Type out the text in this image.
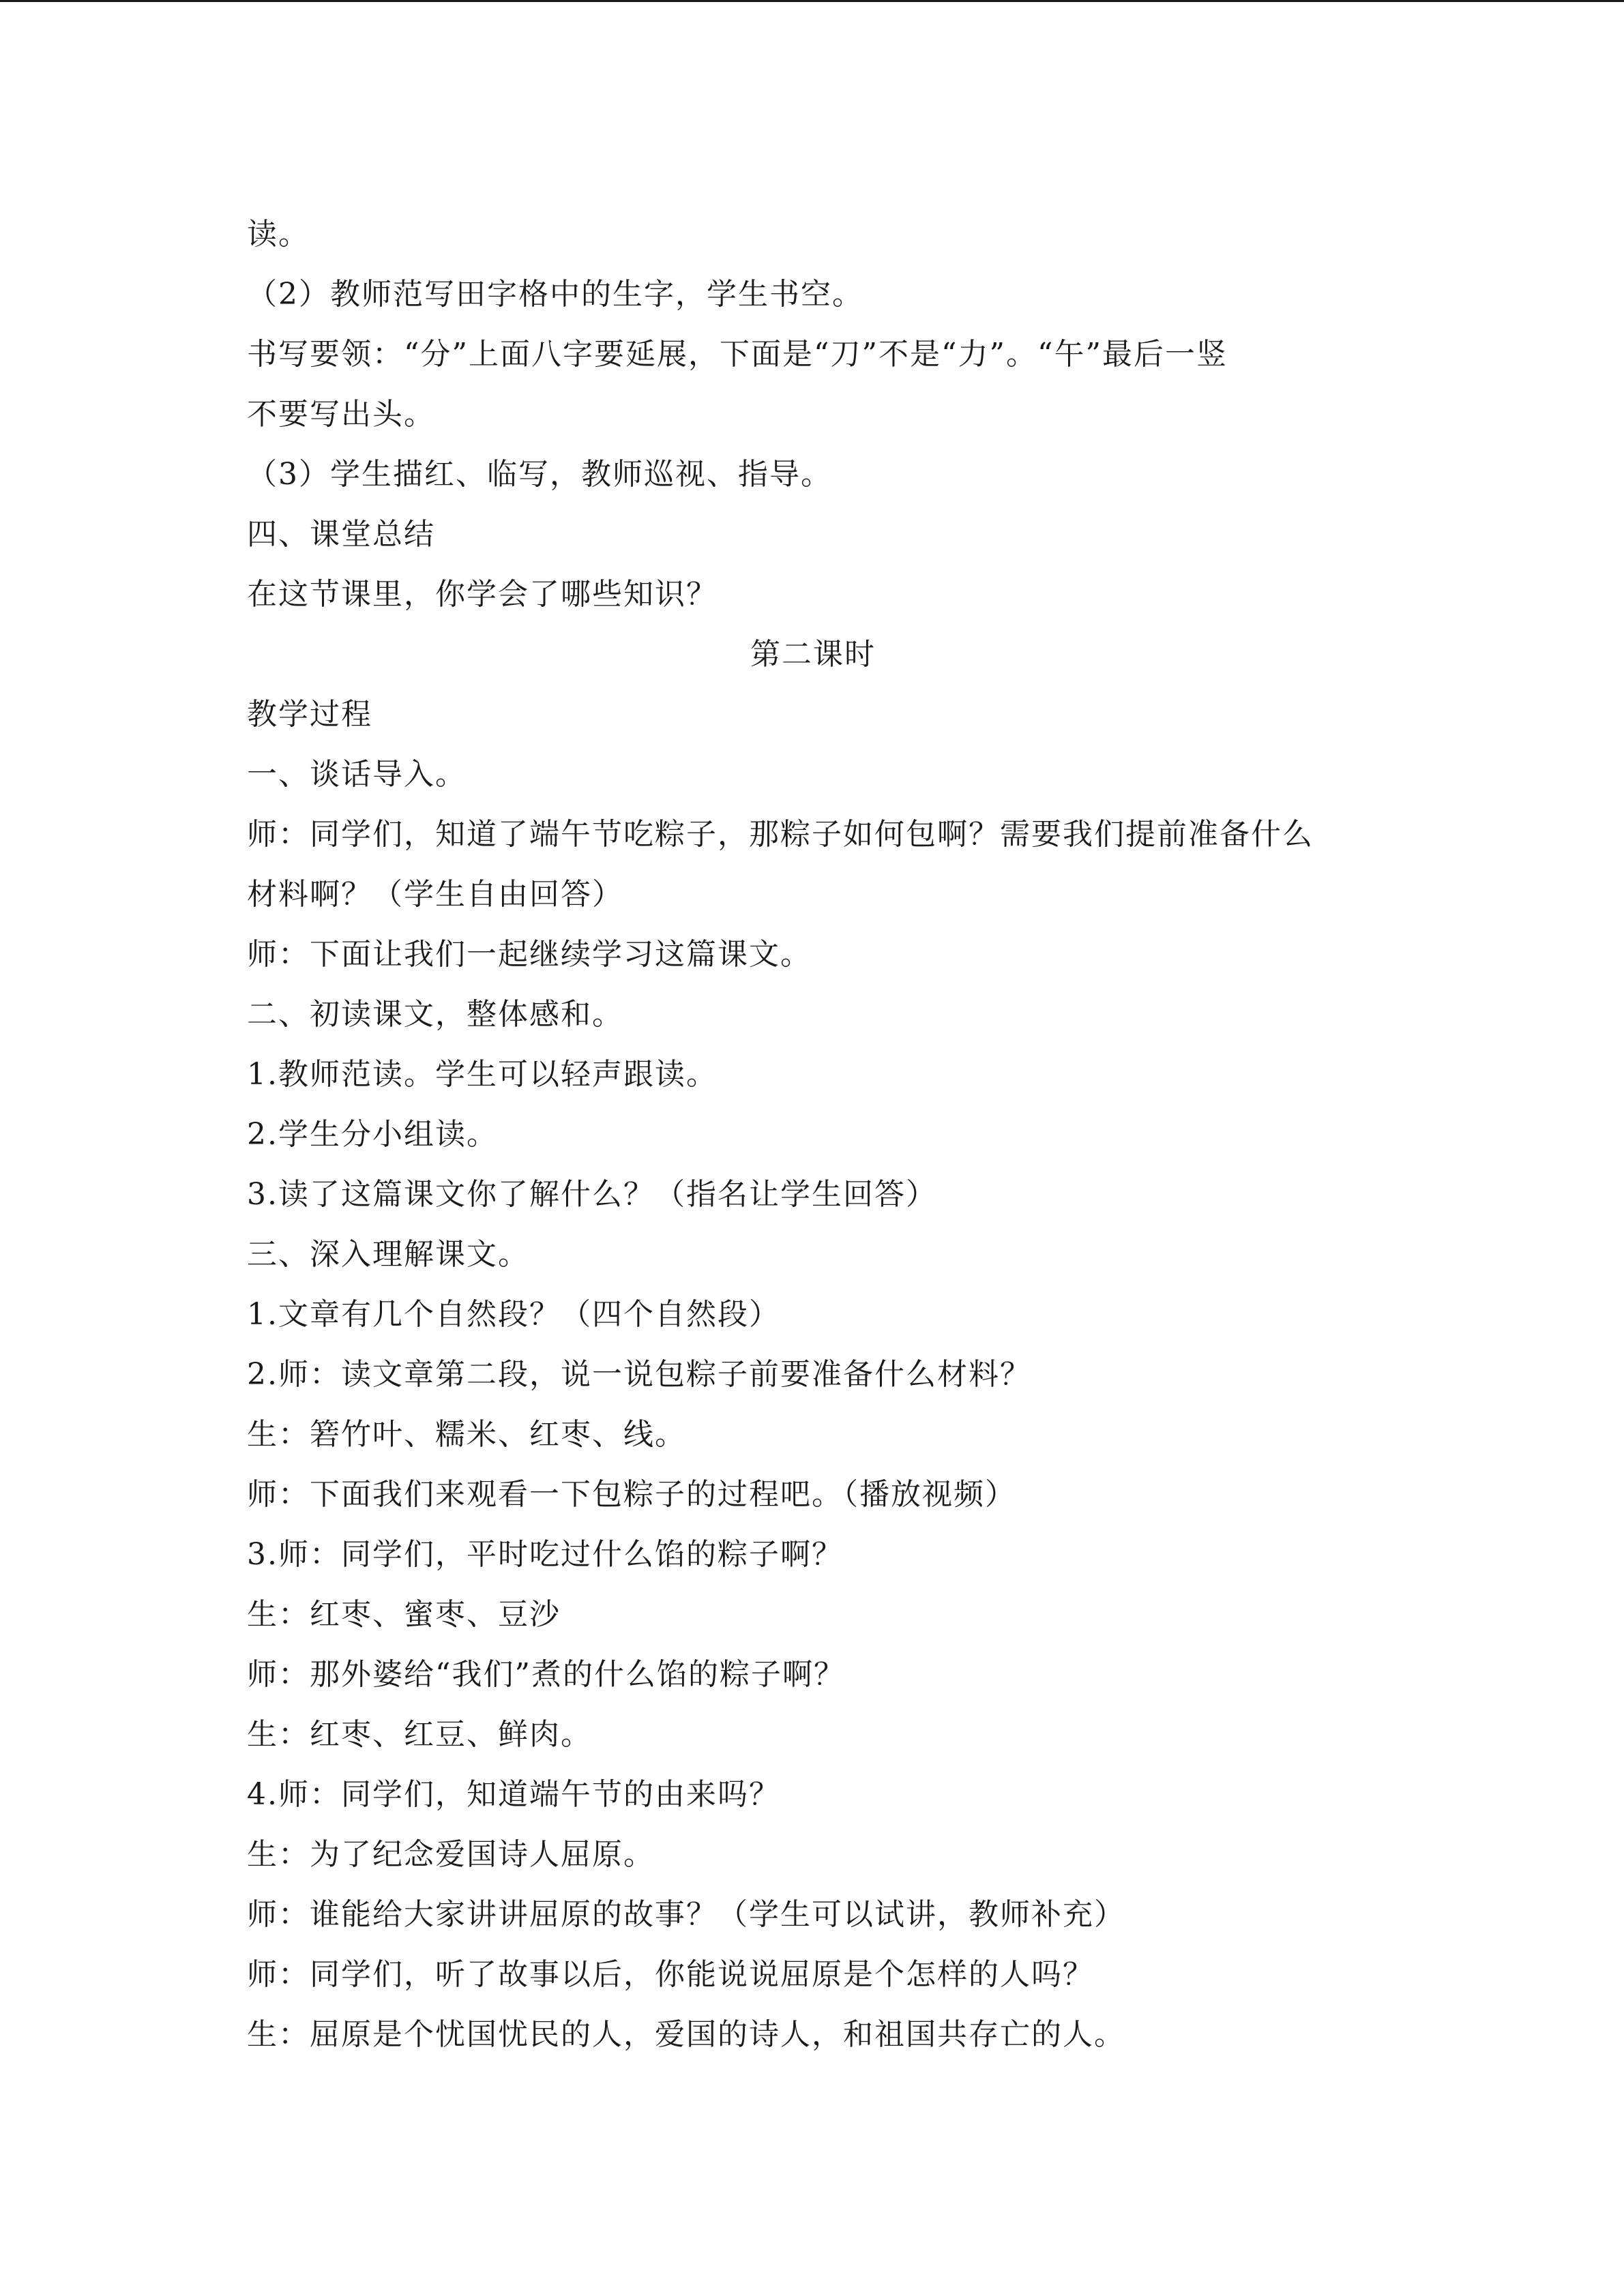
读。
（2）教师范写田字格中的生字，学生书空。
书写要领：“分”上面八字要延展，下面是“刀”不是“力”。“午”最后一竖
不要写出头。
（3）学生描红、临写，教师巡视、指导。
四、课堂总结
在这节课里，你学会了哪些知识？
第二课时
教学过程
一、谈话导入。
师：同学们，知道了端午节吃粽子，那粽子如何包啊？需要我们提前准备什么
材料啊？（学生自由回答）
师：下面让我们一起继续学习这篇课文。
二、初读课文，整体感和。
1.教师范读。学生可以轻声跟读。
2.学生分小组读。
3.读了这篇课文你了解什么？（指名让学生回答）
三、深入理解课文。
1.文章有几个自然段？（四个自然段）
2.师：读文章第二段，说一说包粽子前要准备什么材料？
生：箬竹叶、糯米、红枣、线。
师：下面我们来观看一下包粽子的过程吧。（播放视频）
3.师：同学们，平时吃过什么馅的粽子啊？
生：红枣、蜜枣、豆沙
师：那外婆给“我们”煮的什么馅的粽子啊？
生：红枣、红豆、鲜肉。
4.师：同学们，知道端午节的由来吗？
生：为了纪念爱国诗人屈原。
师：谁能给大家讲讲屈原的故事？（学生可以试讲，教师补充）
师：同学们，听了故事以后，你能说说屈原是个怎样的人吗？
生：屈原是个忧国忧民的人，爱国的诗人，和祖国共存亡的人。
